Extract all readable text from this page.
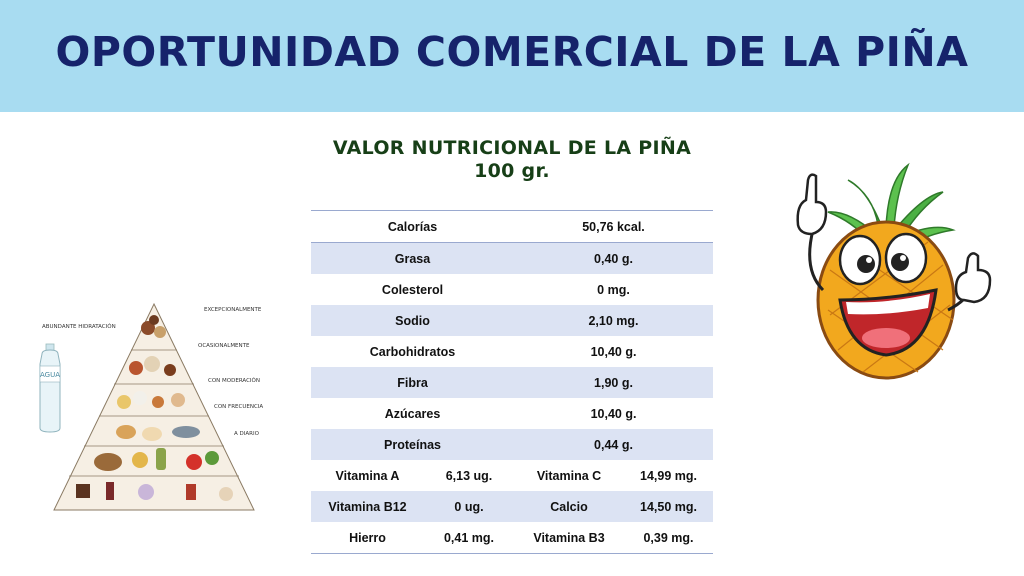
OPORTUNIDAD COMERCIAL DE LA PIÑA
VALOR NUTRICIONAL DE LA PIÑA
100 gr.
Calorías		50,76 kcal.	
Grasa		0,40 g.	
Colesterol		0 mg.	
Sodio		2,10 mg.	
Carbohidratos		10,40 g.	
Fibra		1,90 g.	
Azúcares		10,40 g.	
Proteínas		0,44 g.	
Vitamina A	6,13 ug.	Vitamina C	14,99 mg.
Vitamina B12	0 ug.	Calcio	14,50 mg.
Hierro	0,41 mg.	Vitamina B3	0,39 mg.
AGUA
ABUNDANTE HIDRATACIÓN
EXCEPCIONALMENTE
OCASIONALMENTE
CON MODERACIÓN
CON FRECUENCIA
A DIARIO
